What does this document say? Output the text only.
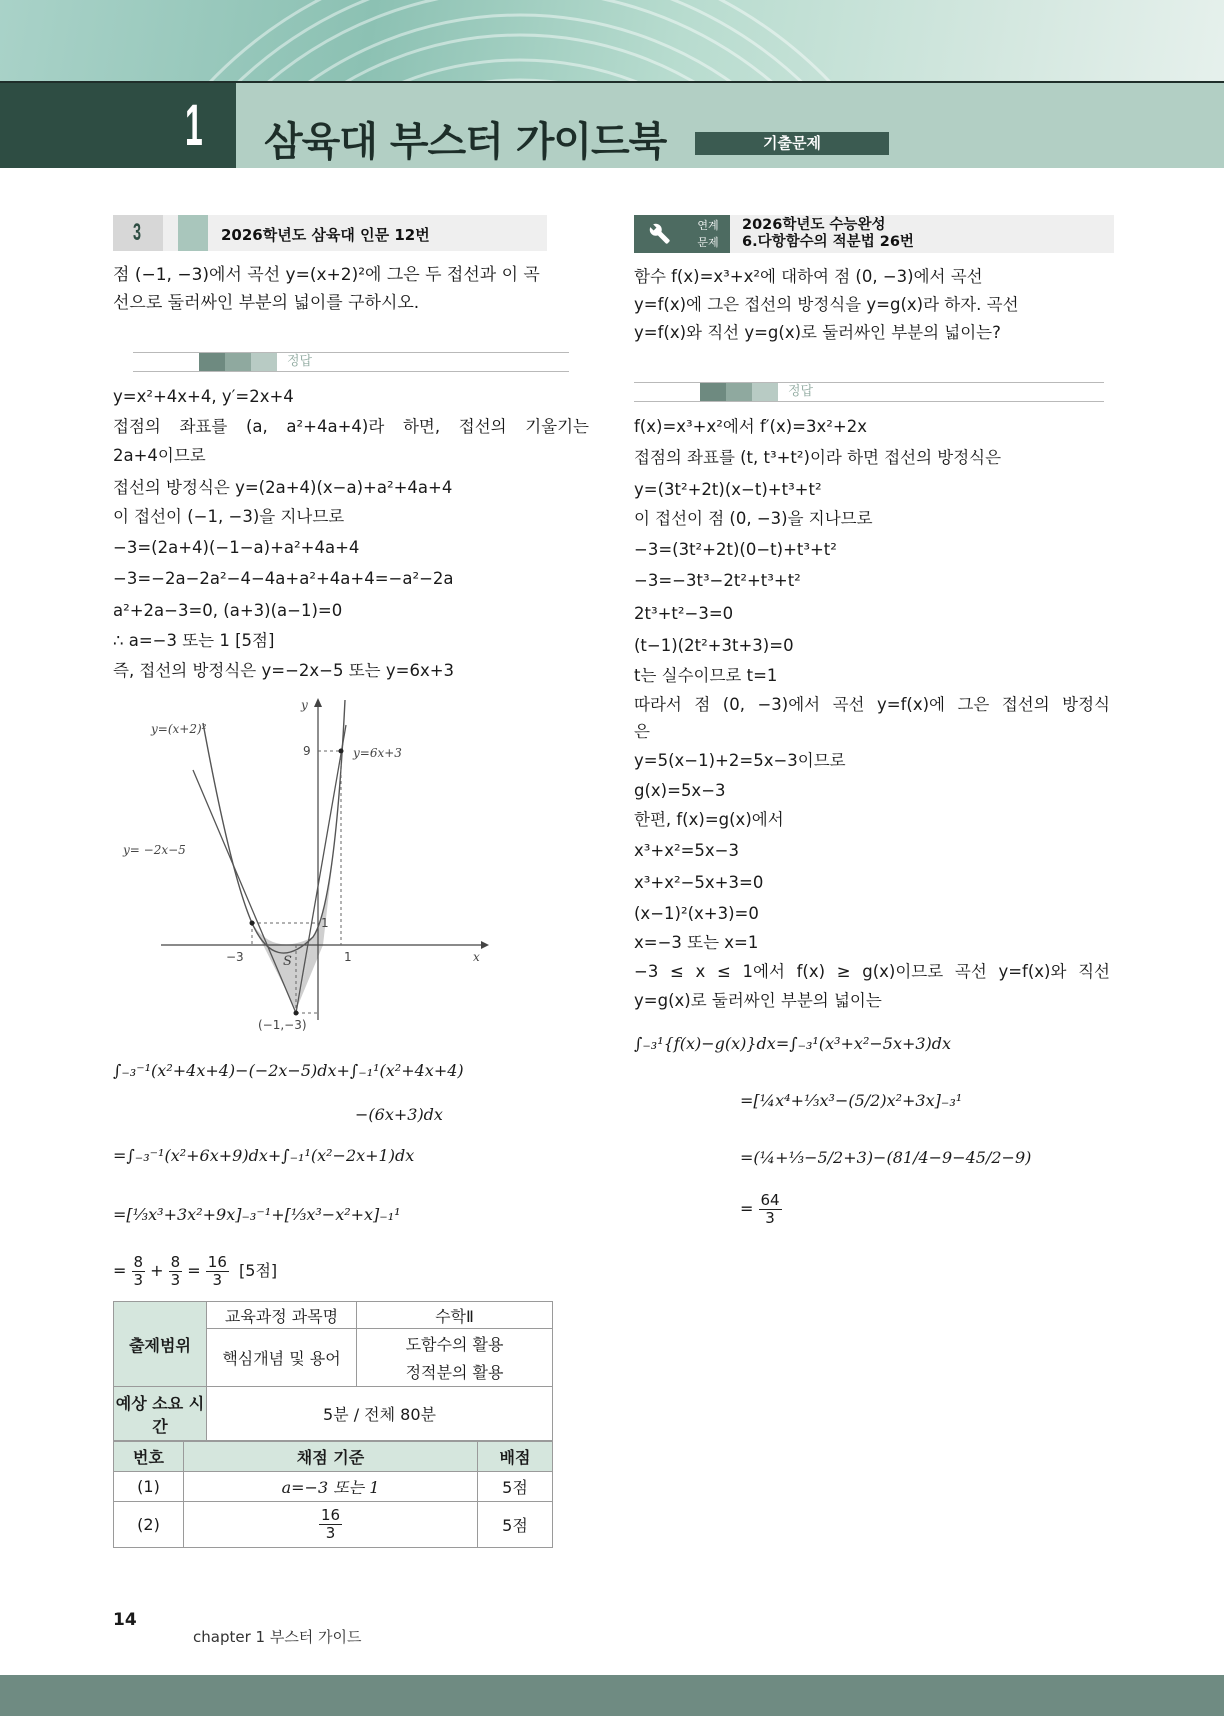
1 삼육대 부스터 가이드북	기출문제
3	2026학년도 삼육대 인문 12번
점 (−1, −3)에서 곡선 y=(x+2)²에 그은 두 접선과 이 곡
선으로 둘러싸인 부분의 넓이를 구하시오.
정답
y=x²+4x+4, y′=2x+4
접점의 좌표를 (a, a²+4a+4)라 하면, 접선의 기울기는
2a+4이므로
접선의 방정식은 y=(2a+4)(x−a)+a²+4a+4
이 접선이 (−1, −3)을 지나므로
−3=(2a+4)(−1−a)+a²+4a+4
−3=−2a−2a²−4−4a+a²+4a+4=−a²−2a
a²+2a−3=0, (a+3)(a−1)=0
∴ a=−3 또는 1 [5점]
즉, 접선의 방정식은 y=−2x−5 또는 y=6x+3
y=(x+2)²
y=6x+3
y= −2x−5
y
x
9
1
−3	1
S
(−1,−3)
∫₋₃⁻¹(x²+4x+4)−(−2x−5)dx+∫₋₁¹(x²+4x+4)
−(6x+3)dx
=∫₋₃⁻¹(x²+6x+9)dx+∫₋₁¹(x²−2x+1)dx
=[⅓x³+3x²+9x]₋₃⁻¹+[⅓x³−x²+x]₋₁¹
= $\frac{8}{3} + \frac{8}{3} = \frac{16}{3} [5$점]
출제범위	교육과정 과목명	수학Ⅱ
	핵심개념 및 용어	도함수의 활용
		정적분의 활용
예상 소요 시간	5분 / 전체 80분	
번호	채점 기준	배점
(1)	a=−3 또는 1	5점
(2)	$\frac{16}{3}$	5점
연계
문제
2026학년도 수능완성
6.다항함수의 적분법 26번
함수 f(x)=x³+x²에 대하여 점 (0, −3)에서 곡선
y=f(x)에 그은 접선의 방정식을 y=g(x)라 하자. 곡선
y=f(x)와 직선 y=g(x)로 둘러싸인 부분의 넓이는?
정답
f(x)=x³+x²에서 f′(x)=3x²+2x
접점의 좌표를 (t, t³+t²)이라 하면 접선의 방정식은
y=(3t²+2t)(x−t)+t³+t²
이 접선이 점 (0, −3)을 지나므로
−3=(3t²+2t)(0−t)+t³+t²
−3=−3t³−2t²+t³+t²
2t³+t²−3=0
(t−1)(2t²+3t+3)=0
t는 실수이므로 t=1
따라서 점 (0, −3)에서 곡선 y=f(x)에 그은 접선의 방정식
은
y=5(x−1)+2=5x−3이므로
g(x)=5x−3
한편, f(x)=g(x)에서
x³+x²=5x−3
x³+x²−5x+3=0
(x−1)²(x+3)=0
x=−3 또는 x=1
−3 ≤ x ≤ 1에서 f(x) ≥ g(x)이므로 곡선 y=f(x)와 직선
y=g(x)로 둘러싸인 부분의 넓이는
∫₋₃¹{f(x)−g(x)}dx=∫₋₃¹(x³+x²−5x+3)dx
=[¼x⁴+⅓x³−(5/2)x²+3x]₋₃¹
=(¼+⅓−5/2+3)−(81/4−9−45/2−9)
= $\frac{64}{3}$
14
chapter 1 부스터 가이드
